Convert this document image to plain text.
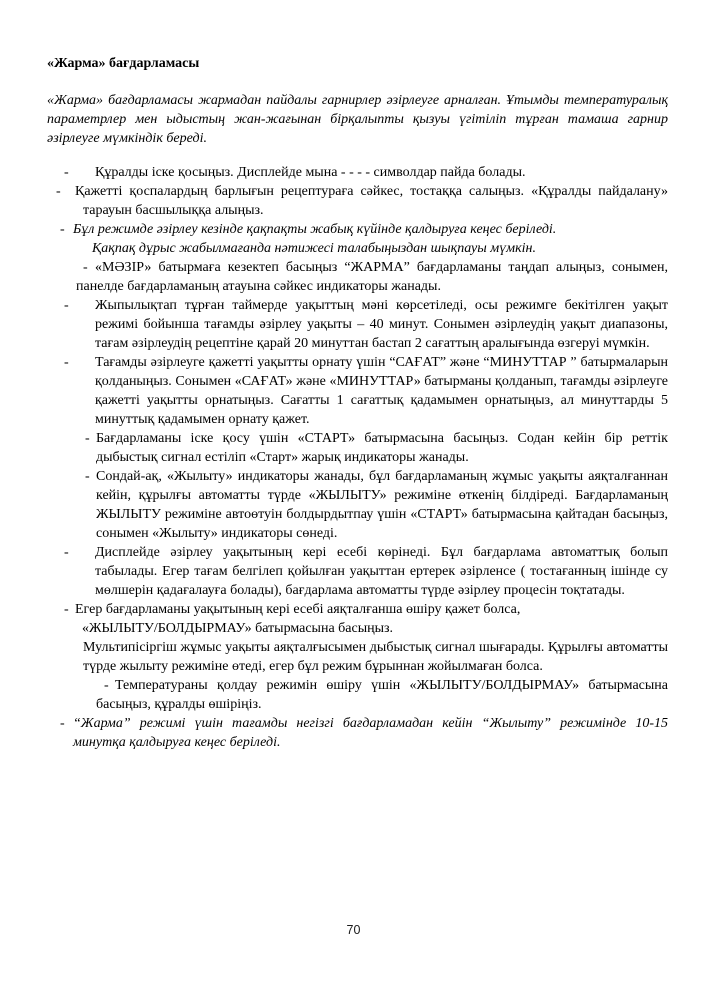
«Жарма» бағдарламасы

«Жарма» бағдарламасы жармадан пайдалы гарнирлер әзірлеуге арналған. Ұтымды температуралық параметрлер мен ыдыстың жан-жағынан бірқалыпты қызуы үгітіліп тұрған тамаша гарнир әзірлеуге мүмкіндік береді.

- Құралды іске қосыңыз. Дисплейде мына - - - - символдар пайда болады.
- Қажетті қоспалардың барлығын рецептураға сәйкес, тостаққа салыңыз. «Құралды пайдалану» тарауын басшылыққа алыңыз.
- Бұл режимде әзірлеу кезінде қақпақты жабық күйінде қалдыруға кеңес беріледі.
Қақпақ дұрыс жабылмағанда нәтижесі талабыңыздан шықпауы мүмкін.
- «МӘЗІР» батырмаға кезектеп басыңыз “ЖАРМА” бағдарламаны таңдап алыңыз, сонымен, панелде бағдарламаның атауына сәйкес индикаторы жанады.
- Жыпылықтап тұрған таймерде уақыттың мәні көрсетіледі, осы режимге бекітілген уақыт режимі бойынша тағамды әзірлеу уақыты – 40 минут. Сонымен әзірлеудің уақыт диапазоны, тағам әзірлеудің рецептіне қарай 20 минуттан бастап 2 сағаттың аралығында өзгеруі мүмкін.
- Тағамды әзірлеуге қажетті уақытты орнату үшін “САҒАТ” және “МИНУТТАР ” батырмаларын қолданыңыз. Сонымен «САҒАТ» және «МИНУТТАР» батырманы қолданып, тағамды әзірлеуге қажетті уақытты орнатыңыз. Сағатты 1 сағаттық қадамымен орнатыңыз, ал минуттарды 5 минуттық қадамымен орнату қажет.
- Бағдарламаны іске қосу үшін «СТАРТ» батырмасына басыңыз. Содан кейін бір реттік дыбыстық сигнал естіліп «Старт» жарық индикаторы жанады.
- Сондай-ақ, «Жылыту» индикаторы жанады, бұл бағдарламаның жұмыс уақыты аяқталғаннан кейін, құрылғы автоматты түрде «ЖЫЛЫТУ» режиміне өткенің білдіреді. Бағдарламаның ЖЫЛЫТУ режиміне автоөтуін болдырдытпау үшін «СТАРТ» батырмасына қайтадан басыңыз, сонымен «Жылыту» индикаторы сөнеді.
- Дисплейде әзірлеу уақытының кері есебі көрінеді. Бұл бағдарлама автоматтық болып табылады. Егер тағам белгілеп қойылған уақыттан ертерек әзірленсе ( тостағанның ішінде су мөлшерін қадағалауға болады), бағдарлама автоматты түрде әзірлеу процесін тоқтатады.
- Егер бағдарламаны уақытының кері есебі аяқталғанша өшіру қажет болса,
«ЖЫЛЫТУ/БОЛДЫРМАУ» батырмасына басыңыз.
Мультипісіргіш жұмыс уақыты аяқталғысымен дыбыстық сигнал шығарады. Құрылғы автоматты түрде жылыту режиміне өтеді, егер бұл режим бұрыннан жойылмаған болса.
- Температураны қолдау режимін өшіру үшін «ЖЫЛЫТУ/БОЛДЫРМАУ» батырмасына басыңыз, құралды өшіріңіз.
- “Жарма” режимі үшін тағамды негізгі бағдарламадан кейін “Жылыту” режимінде 10-15 минутқа қалдыруға кеңес беріледі.
70
